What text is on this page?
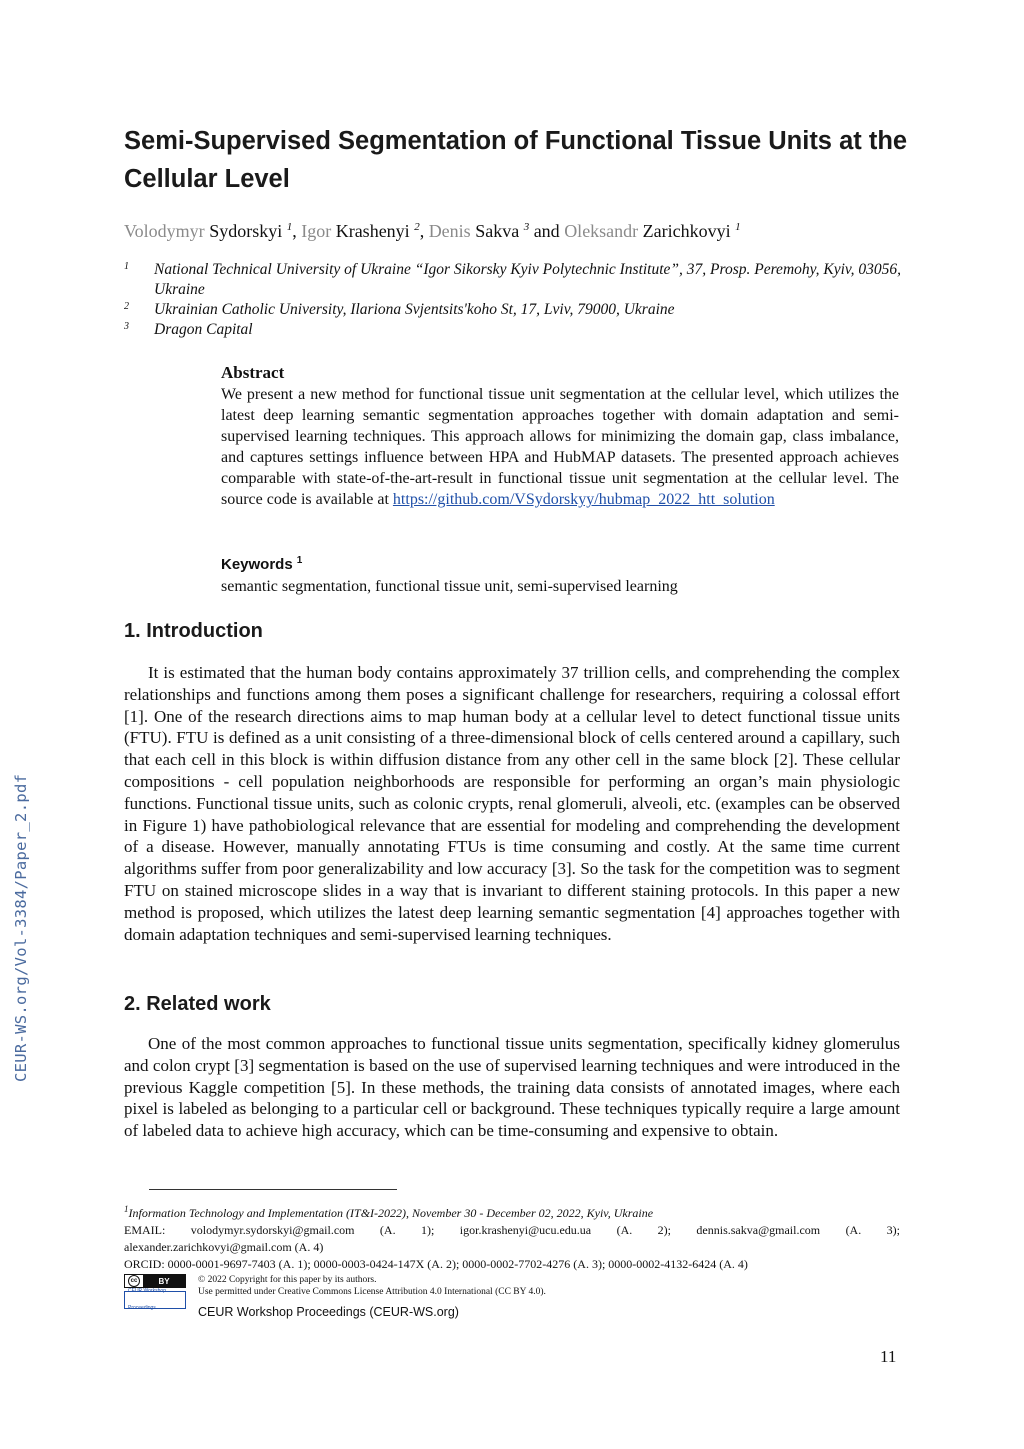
CEUR-WS.org/Vol-3384/Paper_2.pdf
Semi-Supervised Segmentation of Functional Tissue Units at the Cellular Level
Volodymyr Sydorskyi $^1$, Igor Krashenyi $^2$, Denis Sakva $^3$ and Oleksandr Zarichkovyi $^1$
1	National Technical University of Ukraine “Igor Sikorsky Kyiv Polytechnic Institute”, 37, Prosp. Peremohy, Kyiv, 03056, Ukraine
2	Ukrainian Catholic University, Ilariona Svjentsits'koho St, 17, Lviv, 79000, Ukraine
3	Dragon Capital
Abstract
We present a new method for functional tissue unit segmentation at the cellular level, which utilizes the latest deep learning semantic segmentation approaches together with domain adaptation and semi-supervised learning techniques. This approach allows for minimizing the domain gap, class imbalance, and captures settings influence between HPA and HubMAP datasets. The presented approach achieves comparable with state-of-the-art-result in functional tissue unit segmentation at the cellular level. The source code is available at https://github.com/VSydorskyy/hubmap_2022_htt_solution
Keywords $^1$
semantic segmentation, functional tissue unit, semi-supervised learning
1. Introduction
It is estimated that the human body contains approximately 37 trillion cells, and comprehending the complex relationships and functions among them poses a significant challenge for researchers, requiring a colossal effort [1]. One of the research directions aims to map human body at a cellular level to detect functional tissue units (FTU). FTU is defined as a unit consisting of a three-dimensional block of cells centered around a capillary, such that each cell in this block is within diffusion distance from any other cell in the same block [2]. These cellular compositions - cell population neighborhoods are responsible for performing an organ’s main physiologic functions. Functional tissue units, such as colonic crypts, renal glomeruli, alveoli, etc. (examples can be observed in Figure 1) have pathobiological relevance that are essential for modeling and comprehending the development of a disease. However, manually annotating FTUs is time consuming and costly. At the same time current algorithms suffer from poor generalizability and low accuracy [3]. So the task for the competition was to segment FTU on stained microscope slides in a way that is invariant to different staining protocols. In this paper a new method is proposed, which utilizes the latest deep learning semantic segmentation [4] approaches together with domain adaptation techniques and semi-supervised learning techniques.
2. Related work
One of the most common approaches to functional tissue units segmentation, specifically kidney glomerulus and colon crypt [3] segmentation is based on the use of supervised learning techniques and were introduced in the previous Kaggle competition [5]. In these methods, the training data consists of annotated images, where each pixel is labeled as belonging to a particular cell or background. These techniques typically require a large amount of labeled data to achieve high accuracy, which can be time-consuming and expensive to obtain.
$^1$Information Technology and Implementation (IT&I-2022), November 30 - December 02, 2022, Kyiv, Ukraine
EMAIL: volodymyr.sydorskyi@gmail.com (A. 1); igor.krashenyi@ucu.edu.ua (A. 2); dennis.sakva@gmail.com (A. 3);
alexander.zarichkovyi@gmail.com (A. 4)
ORCID: 0000-0001-9697-7403 (A. 1); 0000-0003-0424-147X (A. 2); 0000-0002-7702-4276 (A. 3); 0000-0002-4132-6424 (A. 4)
cc	BY
CEUR Workshop Proceedings
© 2022 Copyright for this paper by its authors.
Use permitted under Creative Commons License Attribution 4.0 International (CC BY 4.0).
CEUR Workshop Proceedings (CEUR-WS.org)
11
